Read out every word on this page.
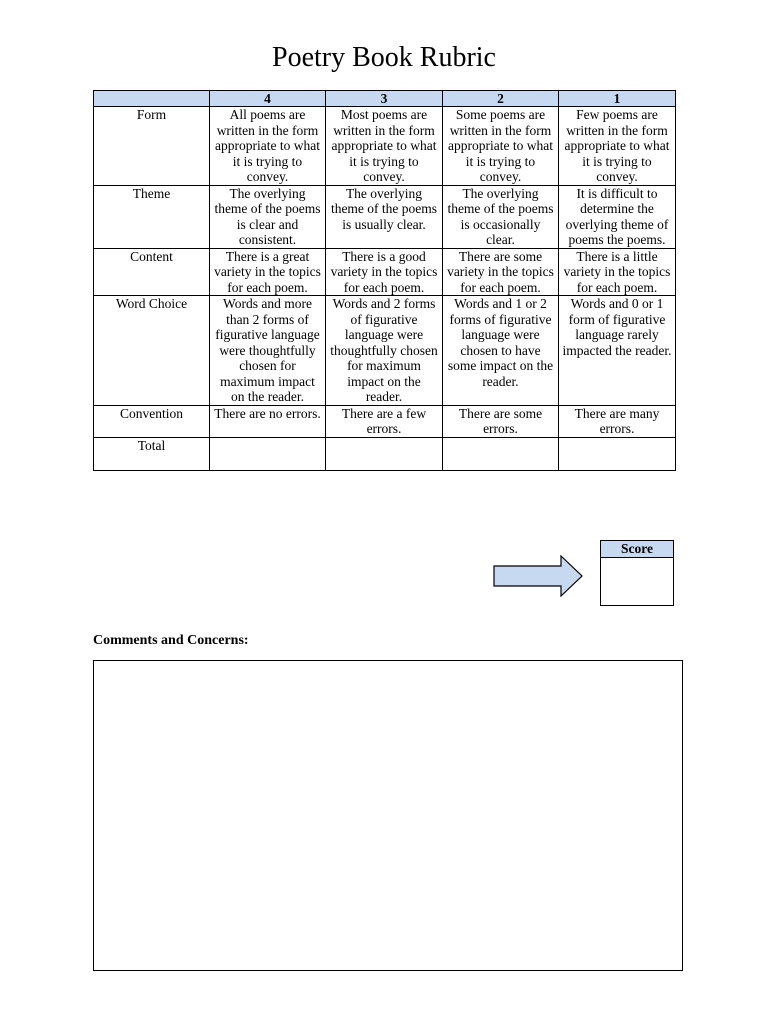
Poetry Book Rubric
	4	3	2	1
Form	All poems are written in the form appropriate to what it is trying to convey.	Most poems are written in the form appropriate to what it is trying to convey.	Some poems are written in the form appropriate to what it is trying to convey.	Few poems are written in the form appropriate to what it is trying to convey.
Theme	The overlying theme of the poems is clear and consistent.	The overlying theme of the poems is usually clear.	The overlying theme of the poems is occasionally clear.	It is difficult to determine the overlying theme of poems the poems.
Content	There is a great variety in the topics for each poem.	There is a good variety in the topics for each poem.	There are some variety in the topics for each poem.	There is a little variety in the topics for each poem.
Word Choice	Words and more than 2 forms of figurative language were thoughtfully chosen for maximum impact on the reader.	Words and 2 forms of figurative language were thoughtfully chosen for maximum impact on the reader.	Words and 1 or 2 forms of figurative language were chosen to have some impact on the reader.	Words and 0 or 1 form of figurative language rarely impacted the reader.
Convention	There are no errors.	There are a few errors.	There are some errors.	There are many errors.
Total				
Score
Comments and Concerns:
